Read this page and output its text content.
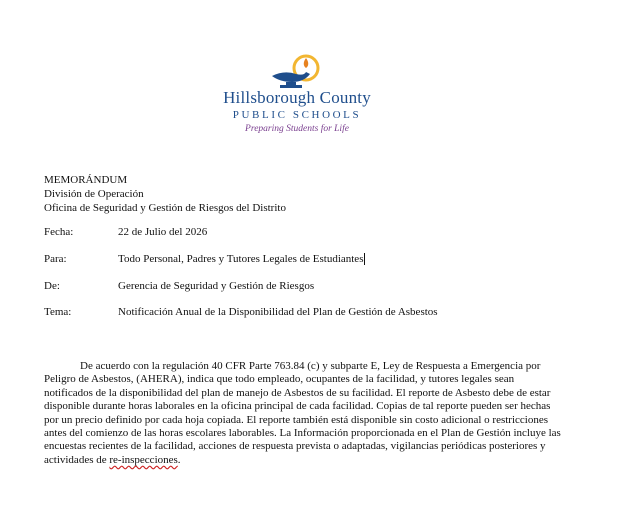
Hillsborough County
PUBLIC SCHOOLS
Preparing Students for Life
MEMORÁNDUM
División de Operación
Oficina de Seguridad y Gestión de Riesgos del Distrito
Fecha:	22 de Julio del 2026
Para:	Todo Personal, Padres y Tutores Legales de Estudiantes
De:	Gerencia de Seguridad y Gestión de Riesgos
Tema:	Notificación Anual de la Disponibilidad del Plan de Gestión de Asbestos
De acuerdo con la regulación 40 CFR Parte 763.84 (c) y subparte E, Ley de Respuesta a Emergencia por Peligro de Asbestos, (AHERA), indica que todo empleado, ocupantes de la facilidad, y tutores legales sean notificados de la disponibilidad del plan de manejo de Asbestos de su facilidad. El reporte de Asbesto debe de estar disponible durante horas laborales en la oficina principal de cada facilidad. Copias de tal reporte pueden ser hechas por un precio definido por cada hoja copiada. El reporte también está disponible sin costo adicional o restricciones antes del comienzo de las horas escolares laborables. La Información proporcionada en el Plan de Gestión incluye las encuestas recientes de la facilidad, acciones de respuesta prevista o adaptadas, vigilancias periódicas posteriores y actividades de re-inspecciones.
